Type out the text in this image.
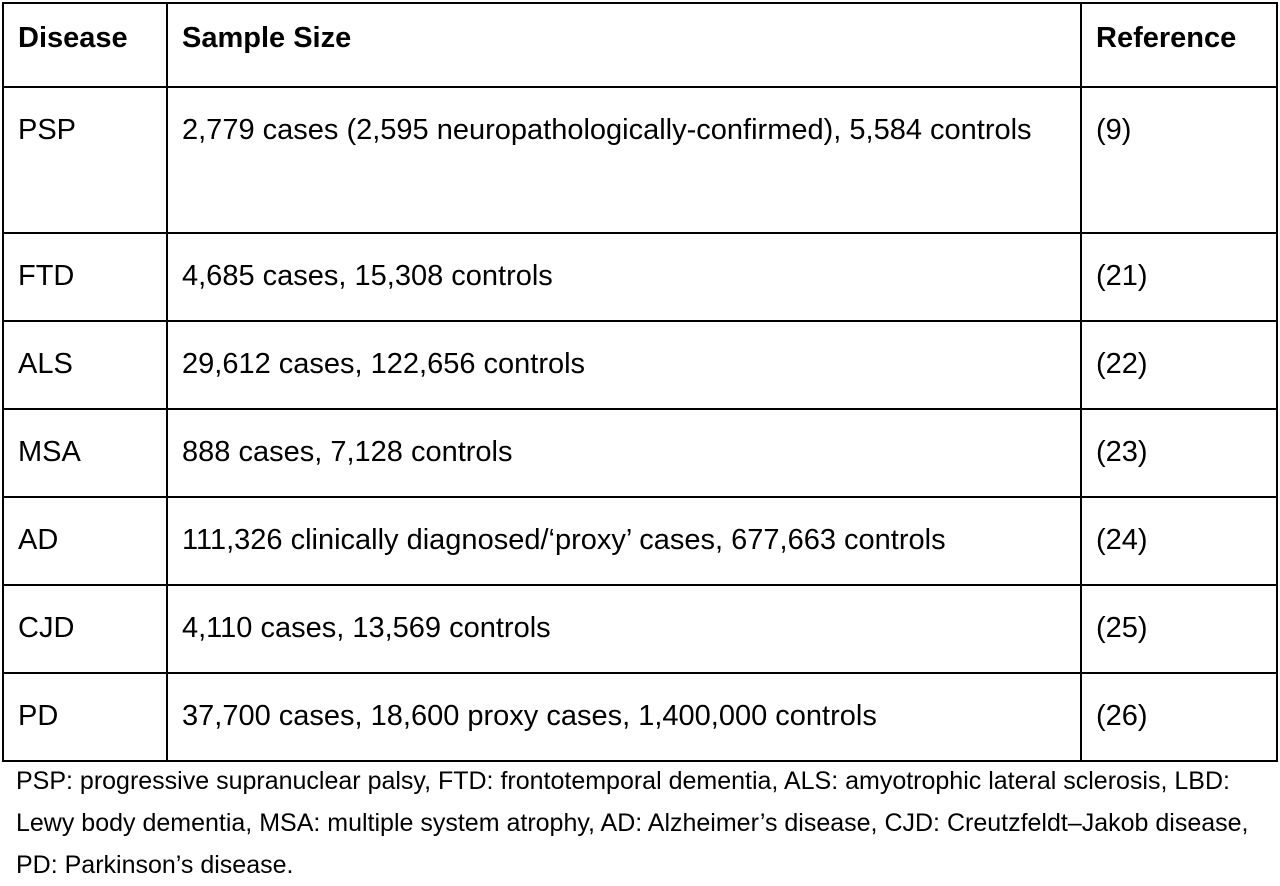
Disease	Sample Size	Reference
PSP	2,779 cases (2,595 neuropathologically-confirmed), 5,584 controls	(9)
FTD	4,685 cases, 15,308 controls	(21)
ALS	29,612 cases, 122,656 controls	(22)
MSA	888 cases, 7,128 controls	(23)
AD	111,326 clinically diagnosed/‘proxy’ cases, 677,663 controls	(24)
CJD	4,110 cases, 13,569 controls	(25)
PD	37,700 cases, 18,600 proxy cases, 1,400,000 controls	(26)
PSP: progressive supranuclear palsy, FTD: frontotemporal dementia, ALS: amyotrophic lateral sclerosis, LBD: Lewy body dementia, MSA: multiple system atrophy, AD: Alzheimer’s disease, CJD: Creutzfeldt–Jakob disease, PD: Parkinson’s disease.
